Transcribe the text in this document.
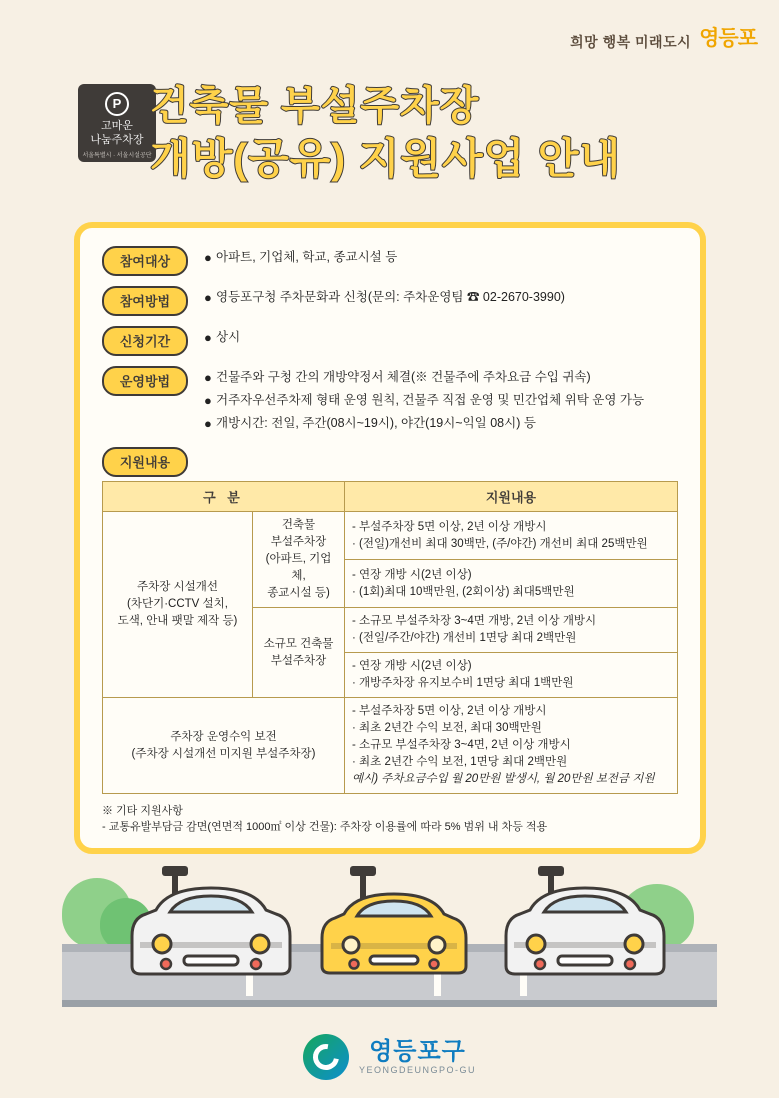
희망 행복 미래도시 영등포
P
고마운
나눔주차장
서울특별시 · 서울시설공단
건축물 부설주차장
개방(공유) 지원사업 안내
참여대상	● 아파트, 기업체, 학교, 종교시설 등
참여방법	● 영등포구청 주차문화과 신청(문의: 주차운영팀 ☎ 02-2670-3990)
신청기간	● 상시
운영방법	● 건물주와 구청 간의 개방약정서 체결(※ 건물주에 주차요금 수입 귀속)
● 거주자우선주차제 형태 운영 원칙, 건물주 직접 운영 및 민간업체 위탁 운영 가능
● 개방시간: 전일, 주간(08시~19시), 야간(19시~익일 08시) 등
지원내용
구 분		지원내용
주차장 시설개선
(차단기·CCTV 설치,
도색, 안내 팻말 제작 등)	건축물
부설주차장
(아파트, 기업체,
종교시설 등)	- 부설주차장 5면 이상, 2년 이상 개방시
· (전일)개선비 최대 30백만, (주/야간) 개선비 최대 25백만원

		- 연장 개방 시(2년 이상)
· (1회)최대 10백만원, (2회이상) 최대5백만원

	소규모 건축물
부설주차장	- 소규모 부설주차장 3~4면 개방, 2년 이상 개방시
· (전일/주간/야간) 개선비 1면당 최대 2백만원

		- 연장 개방 시(2년 이상)
· 개방주차장 유지보수비 1면당 최대 1백만원

주차장 운영수익 보전
(주차장 시설개선 미지원 부설주차장)		- 부설주차장 5면 이상, 2년 이상 개방시
· 최초 2년간 수익 보전, 최대 30백만원
- 소규모 부설주차장 3~4면, 2년 이상 개방시
· 최초 2년간 수익 보전, 1면당 최대 2백만원
예시) 주차요금수입 월 20만원 발생시, 월 20만원 보전금 지원
※ 기타 지원사항
- 교통유발부담금 감면(연면적 1000㎡ 이상 건물): 주차장 이용률에 따라 5% 범위 내 차등 적용
영등포구
YEONGDEUNGPO-GU
